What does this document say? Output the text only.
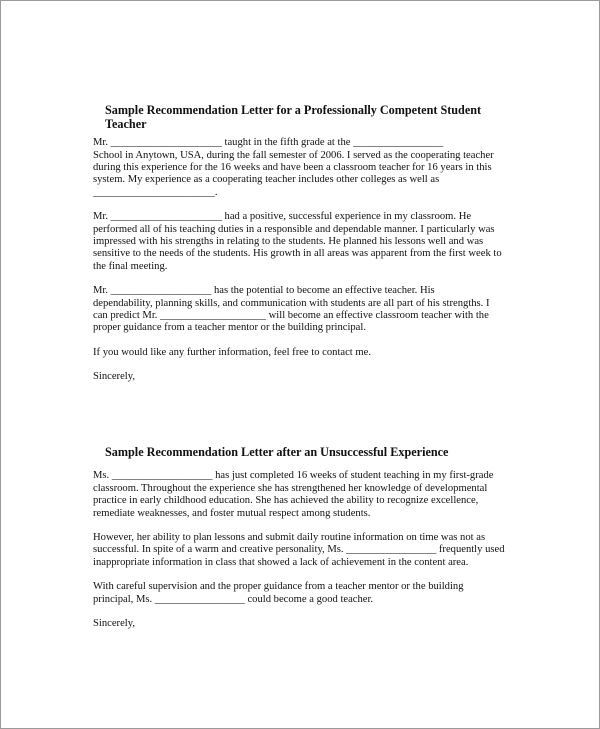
Sample Recommendation Letter for a Professionally Competent Student
Teacher

Mr. _____________________ taught in the fifth grade at the _________________
School in Anytown, USA, during the fall semester of 2006. I served as the cooperating teacher
during this experience for the 16 weeks and have been a classroom teacher for 16 years in this
system. My experience as a cooperating teacher includes other colleges as well as
_______________________.

Mr. _____________________ had a positive, successful experience in my classroom. He
performed all of his teaching duties in a responsible and dependable manner. I particularly was
impressed with his strengths in relating to the students. He planned his lessons well and was
sensitive to the needs of the students. His growth in all areas was apparent from the first week to
the final meeting.

Mr. ___________________ has the potential to become an effective teacher. His
dependability, planning skills, and communication with students are all part of his strengths. I
can predict Mr. ____________________ will become an effective classroom teacher with the
proper guidance from a teacher mentor or the building principal.

If you would like any further information, feel free to contact me.

Sincerely,

Sample Recommendation Letter after an Unsuccessful Experience

Ms. ___________________ has just completed 16 weeks of student teaching in my first-grade
classroom. Throughout the experience she has strengthened her knowledge of developmental
practice in early childhood education. She has achieved the ability to recognize excellence,
remediate weaknesses, and foster mutual respect among students.

However, her ability to plan lessons and submit daily routine information on time was not as
successful. In spite of a warm and creative personality, Ms. _________________ frequently used
inappropriate information in class that showed a lack of achievement in the content area.

With careful supervision and the proper guidance from a teacher mentor or the building
principal, Ms. _________________ could become a good teacher.

Sincerely,
